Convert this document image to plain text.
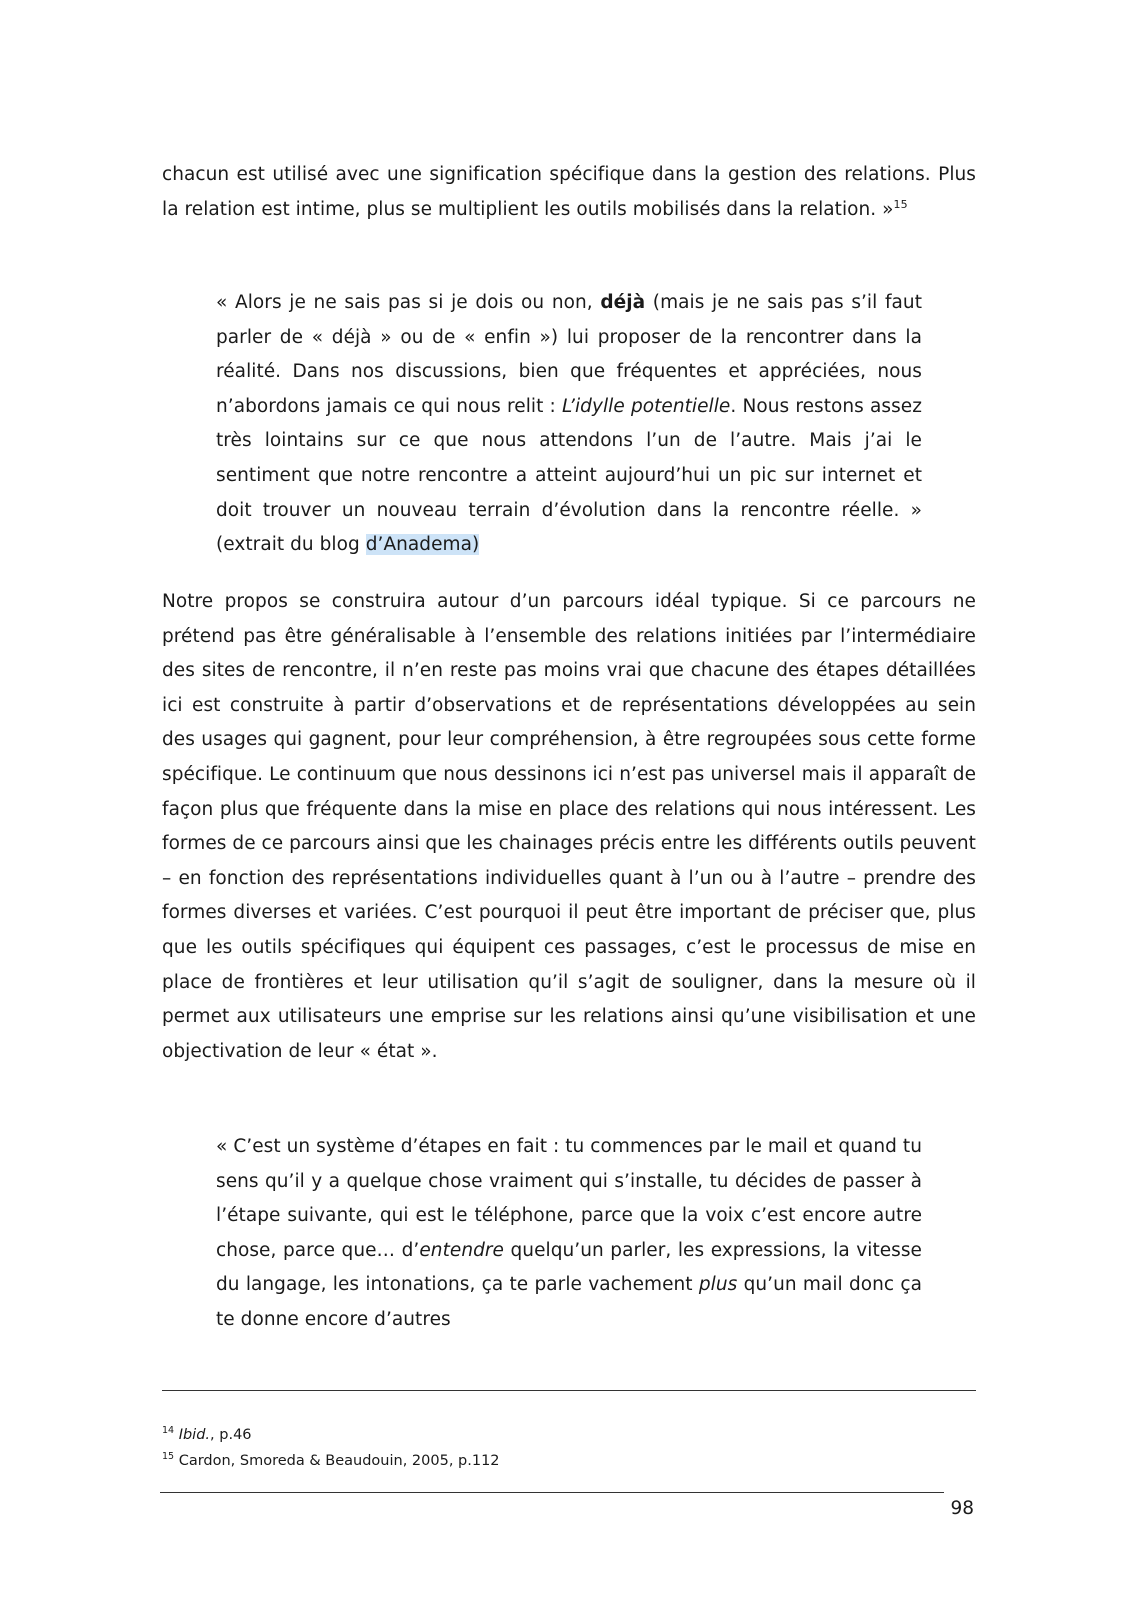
chacun est utilisé avec une signification spécifique dans la gestion des relations. Plus la relation est intime, plus se multiplient les outils mobilisés dans la relation. »$^{15}$

« Alors je ne sais pas si je dois ou non, déjà (mais je ne sais pas s’il faut parler de « déjà » ou de « enfin ») lui proposer de la rencontrer dans la réalité. Dans nos discussions, bien que fréquentes et appréciées, nous n’abordons jamais ce qui nous relit : L’idylle potentielle. Nous restons assez très lointains sur ce que nous attendons l’un de l’autre. Mais j’ai le sentiment que notre rencontre a atteint aujourd’hui un pic sur internet et doit trouver un nouveau terrain d’évolution dans la rencontre réelle. » (extrait du blog d’Anadema)

Notre propos se construira autour d’un parcours idéal typique. Si ce parcours ne prétend pas être généralisable à l’ensemble des relations initiées par l’intermédiaire des sites de rencontre, il n’en reste pas moins vrai que chacune des étapes détaillées ici est construite à partir d’observations et de représentations développées au sein des usages qui gagnent, pour leur compréhension, à être regroupées sous cette forme spécifique. Le continuum que nous dessinons ici n’est pas universel mais il apparaît de façon plus que fréquente dans la mise en place des relations qui nous intéressent. Les formes de ce parcours ainsi que les chainages précis entre les différents outils peuvent – en fonction des représentations individuelles quant à l’un ou à l’autre – prendre des formes diverses et variées. C’est pourquoi il peut être important de préciser que, plus que les outils spécifiques qui équipent ces passages, c’est le processus de mise en place de frontières et leur utilisation qu’il s’agit de souligner, dans la mesure où il permet aux utilisateurs une emprise sur les relations ainsi qu’une visibilisation et une objectivation de leur « état ».

« C’est un système d’étapes en fait : tu commences par le mail et quand tu sens qu’il y a quelque chose vraiment qui s’installe, tu décides de passer à l’étape suivante, qui est le téléphone, parce que la voix c’est encore autre chose, parce que… d’entendre quelqu’un parler, les expressions, la vitesse du langage, les intonations, ça te parle vachement plus qu’un mail donc ça te donne encore d’autres

$^{14}$ Ibid., p.46

$^{15}$ Cardon, Smoreda & Beaudouin, 2005, p.112

98
